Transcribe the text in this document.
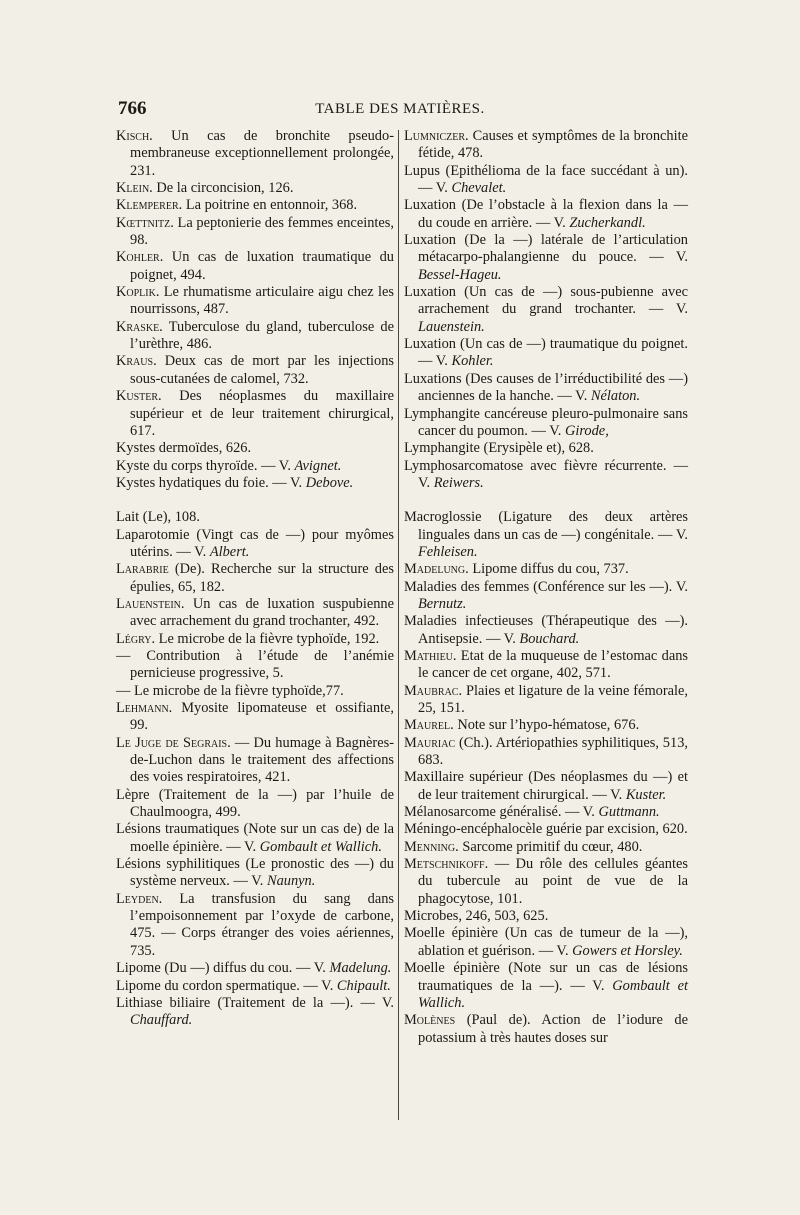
766	TABLE DES MATIÈRES.

Kisch. Un cas de bronchite pseudo-membraneuse exceptionnellement prolongée, 231.

Klein. De la circoncision, 126.

Klemperer. La poitrine en entonnoir, 368.

Kœttnitz. La peptonierie des femmes enceintes, 98.

Kohler. Un cas de luxation traumatique du poignet, 494.

Koplik. Le rhumatisme articulaire aigu chez les nourrissons, 487.

Kraske. Tuberculose du gland, tuberculose de l’urèthre, 486.

Kraus. Deux cas de mort par les injections sous-cutanées de calomel, 732.

Kuster. Des néoplasmes du maxillaire supérieur et de leur traitement chirurgical, 617.

Kystes dermoïdes, 626.

Kyste du corps thyroïde. — V. Avignet.

Kystes hydatiques du foie. — V. Debove.

Lait (Le), 108.

Laparotomie (Vingt cas de —) pour myômes utérins. — V. Albert.

Larabrie (De). Recherche sur la structure des épulies, 65, 182.

Lauenstein. Un cas de luxation suspubienne avec arrachement du grand trochanter, 492.

Légry. Le microbe de la fièvre typhoïde, 192.

— Contribution à l’étude de l’anémie pernicieuse progressive, 5.

— Le microbe de la fièvre typhoïde,77.

Lehmann. Myosite lipomateuse et ossifiante, 99.

Le Juge de Segrais. — Du humage à Bagnères-de-Luchon dans le traitement des affections des voies respiratoires, 421.

Lèpre (Traitement de la —) par l’huile de Chaulmoogra, 499.

Lésions traumatiques (Note sur un cas de) de la moelle épinière. — V. Gombault et Wallich.

Lésions syphilitiques (Le pronostic des —) du système nerveux. — V. Naunyn.

Leyden. La transfusion du sang dans l’empoisonnement par l’oxyde de carbone, 475. — Corps étranger des voies aériennes, 735.

Lipome (Du —) diffus du cou. — V. Madelung.

Lipome du cordon spermatique. — V. Chipault.

Lithiase biliaire (Traitement de la —). — V. Chauffard.

Lumniczer. Causes et symptômes de la bronchite fétide, 478.

Lupus (Epithélioma de la face succédant à un). — V. Chevalet.

Luxation (De l’obstacle à la flexion dans la — du coude en arrière. — V. Zucherkandl.

Luxation (De la —) latérale de l’articulation métacarpo-phalangienne du pouce. — V. Bessel-Hageu.

Luxation (Un cas de —) sous-pubienne avec arrachement du grand trochanter. — V. Lauenstein.

Luxation (Un cas de —) traumatique du poignet. — V. Kohler.

Luxations (Des causes de l’irréductibilité des —) anciennes de la hanche. — V. Nélaton.

Lymphangite cancéreuse pleuro-pulmonaire sans cancer du poumon. — V. Girode,

Lymphangite (Erysipèle et), 628.

Lymphosarcomatose avec fièvre récurrente. — V. Reiwers.

Macroglossie (Ligature des deux artères linguales dans un cas de —) congénitale. — V. Fehleisen.

Madelung. Lipome diffus du cou, 737.

Maladies des femmes (Conférence sur les —). V. Bernutz.

Maladies infectieuses (Thérapeutique des —). Antisepsie. — V. Bouchard.

Mathieu. Etat de la muqueuse de l’estomac dans le cancer de cet organe, 402, 571.

Maubrac. Plaies et ligature de la veine fémorale, 25, 151.

Maurel. Note sur l’hypo-hématose, 676.

Mauriac (Ch.). Artériopathies syphilitiques, 513, 683.

Maxillaire supérieur (Des néoplasmes du —) et de leur traitement chirurgical. — V. Kuster.

Mélanosarcome généralisé. — V. Guttmann.

Méningo-encéphalocèle guérie par excision, 620.

Menning. Sarcome primitif du cœur, 480.

Metschnikoff. — Du rôle des cellules géantes du tubercule au point de vue de la phagocytose, 101.

Microbes, 246, 503, 625.

Moelle épinière (Un cas de tumeur de la —), ablation et guérison. — V. Gowers et Horsley.

Moelle épinière (Note sur un cas de lésions traumatiques de la —). — V. Gombault et Wallich.

Molènes (Paul de). Action de l’iodure de potassium à très hautes doses sur
